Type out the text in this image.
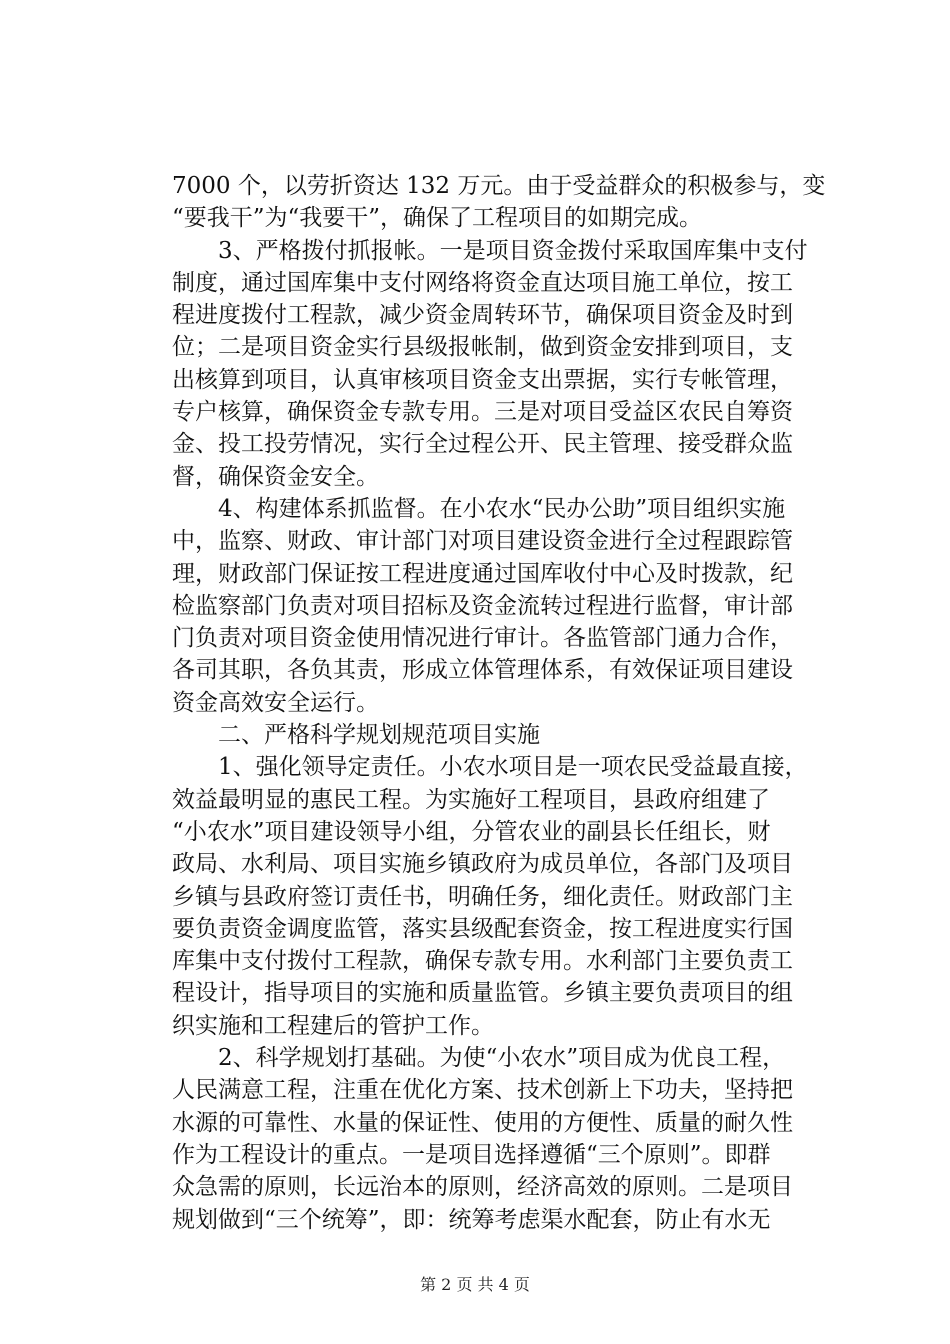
7000 个，以劳折资达 132 万元。由于受益群众的积极参与，变
“要我干”为“我要干”，确保了工程项目的如期完成。
3、严格拨付抓报帐。一是项目资金拨付采取国库集中支付
制度，通过国库集中支付网络将资金直达项目施工单位，按工
程进度拨付工程款，减少资金周转环节，确保项目资金及时到
位；二是项目资金实行县级报帐制，做到资金安排到项目，支
出核算到项目，认真审核项目资金支出票据，实行专帐管理，
专户核算，确保资金专款专用。三是对项目受益区农民自筹资
金、投工投劳情况，实行全过程公开、民主管理、接受群众监
督，确保资金安全。
4、构建体系抓监督。在小农水“民办公助”项目组织实施
中，监察、财政、审计部门对项目建设资金进行全过程跟踪管
理，财政部门保证按工程进度通过国库收付中心及时拨款，纪
检监察部门负责对项目招标及资金流转过程进行监督，审计部
门负责对项目资金使用情况进行审计。各监管部门通力合作，
各司其职，各负其责，形成立体管理体系，有效保证项目建设
资金高效安全运行。
二、严格科学规划规范项目实施
1、强化领导定责任。小农水项目是一项农民受益最直接，
效益最明显的惠民工程。为实施好工程项目，县政府组建了
“小农水”项目建设领导小组，分管农业的副县长任组长，财
政局、水利局、项目实施乡镇政府为成员单位，各部门及项目
乡镇与县政府签订责任书，明确任务，细化责任。财政部门主
要负责资金调度监管，落实县级配套资金，按工程进度实行国
库集中支付拨付工程款，确保专款专用。水利部门主要负责工
程设计，指导项目的实施和质量监管。乡镇主要负责项目的组
织实施和工程建后的管护工作。
2、科学规划打基础。为使“小农水”项目成为优良工程，
人民满意工程，注重在优化方案、技术创新上下功夫，坚持把
水源的可靠性、水量的保证性、使用的方便性、质量的耐久性
作为工程设计的重点。一是项目选择遵循“三个原则”。即群
众急需的原则，长远治本的原则，经济高效的原则。二是项目
规划做到“三个统筹”，即：统筹考虑渠水配套，防止有水无
第 2 页 共 4 页
